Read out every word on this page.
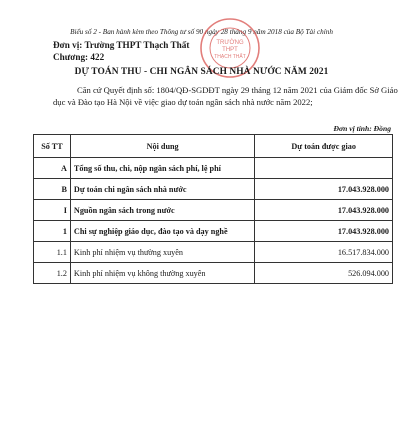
Biểu số 2 - Ban hành kèm theo Thông tư số 90 ngày 28 tháng 9 năm 2018 của Bộ Tài chính
TRƯỜNG
THPT
THẠCH THẤT
Đơn vị: Trường THPT Thạch Thất
Chương: 422
DỰ TOÁN THU - CHI NGÂN SÁCH NHÀ NƯỚC NĂM 2021
Căn cứ Quyết định số: 1804/QĐ-SGDĐT ngày 29 tháng 12 năm 2021 của Giám đốc Sở Giáo dục và Đào tạo Hà Nội về việc giao dự toán ngân sách nhà nước năm 2022;
Đơn vị tính: Đồng
Số TT	Nội dung	Dự toán được giao
A	Tổng số thu, chi, nộp ngân sách phí, lệ phí	
B	Dự toán chi ngân sách nhà nước	17.043.928.000
I	Nguồn ngân sách trong nước	17.043.928.000
1	Chi sự nghiệp giáo dục, đào tạo và dạy nghề	17.043.928.000
1.1	Kinh phí nhiệm vụ thường xuyên	16.517.834.000
1.2	Kinh phí nhiệm vụ không thường xuyên	526.094.000
